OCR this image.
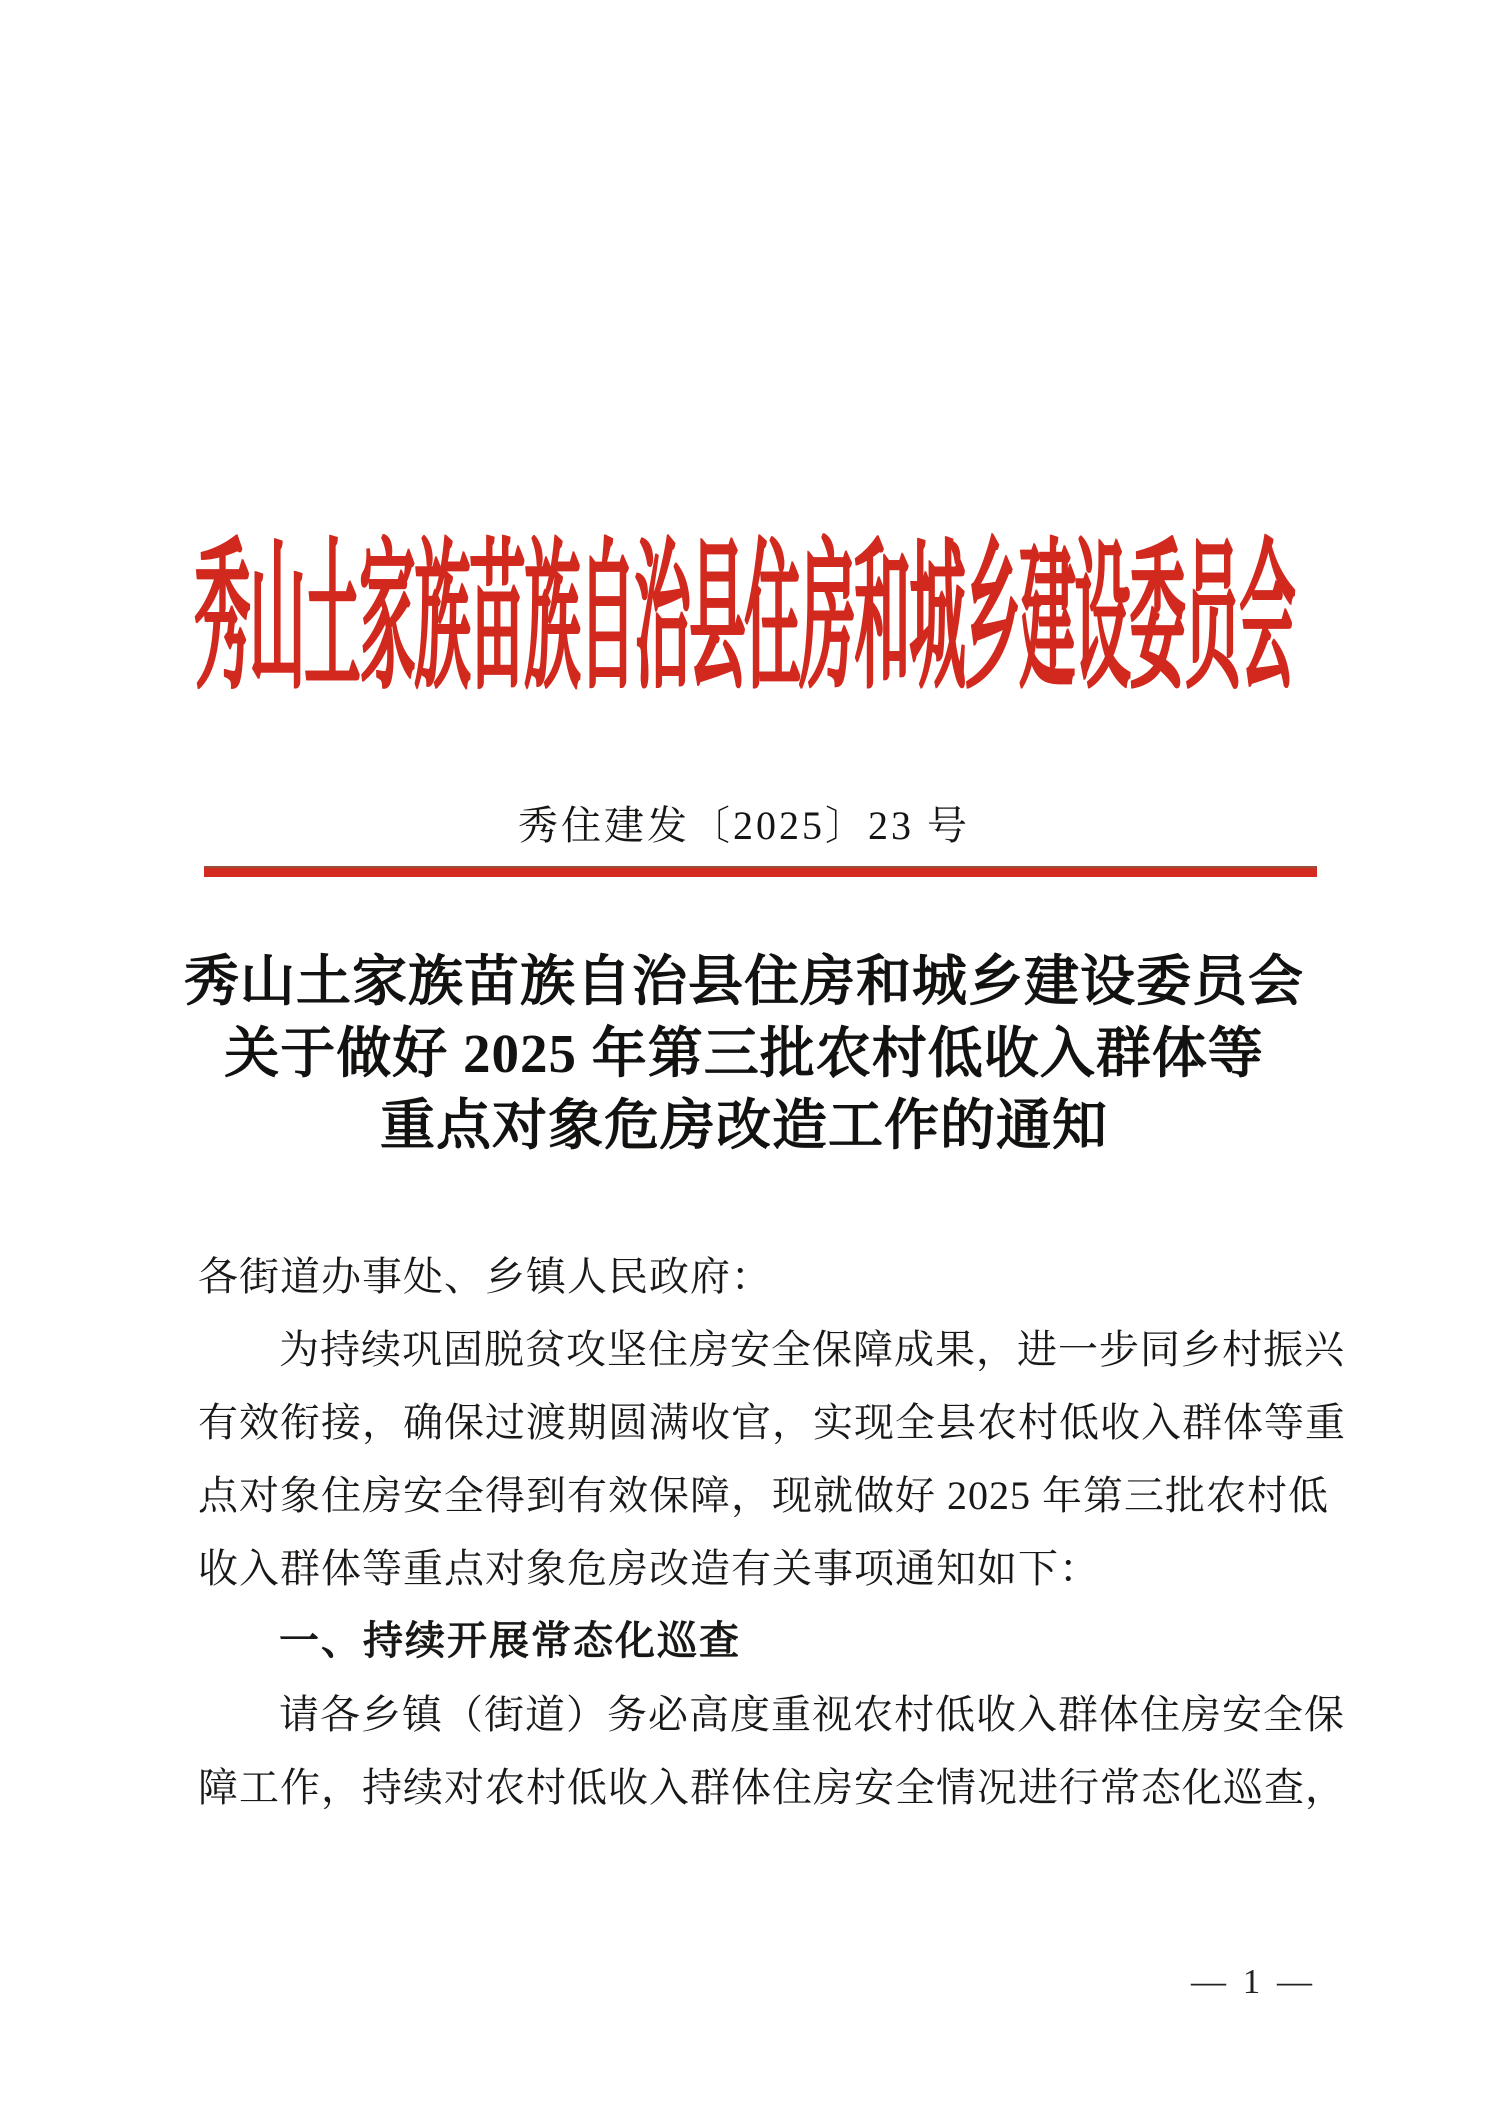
秀山土家族苗族自治县住房和城乡建设委员会
秀住建发〔2025〕23 号
秀山土家族苗族自治县住房和城乡建设委员会
关于做好 2025 年第三批农村低收入群体等
重点对象危房改造工作的通知
各街道办事处、乡镇人民政府：
为持续巩固脱贫攻坚住房安全保障成果，进一步同乡村振兴
有效衔接，确保过渡期圆满收官，实现全县农村低收入群体等重
点对象住房安全得到有效保障，现就做好 2025 年第三批农村低
收入群体等重点对象危房改造有关事项通知如下：
一、持续开展常态化巡查
请各乡镇（街道）务必高度重视农村低收入群体住房安全保
障工作，持续对农村低收入群体住房安全情况进行常态化巡查，
— 1 —
